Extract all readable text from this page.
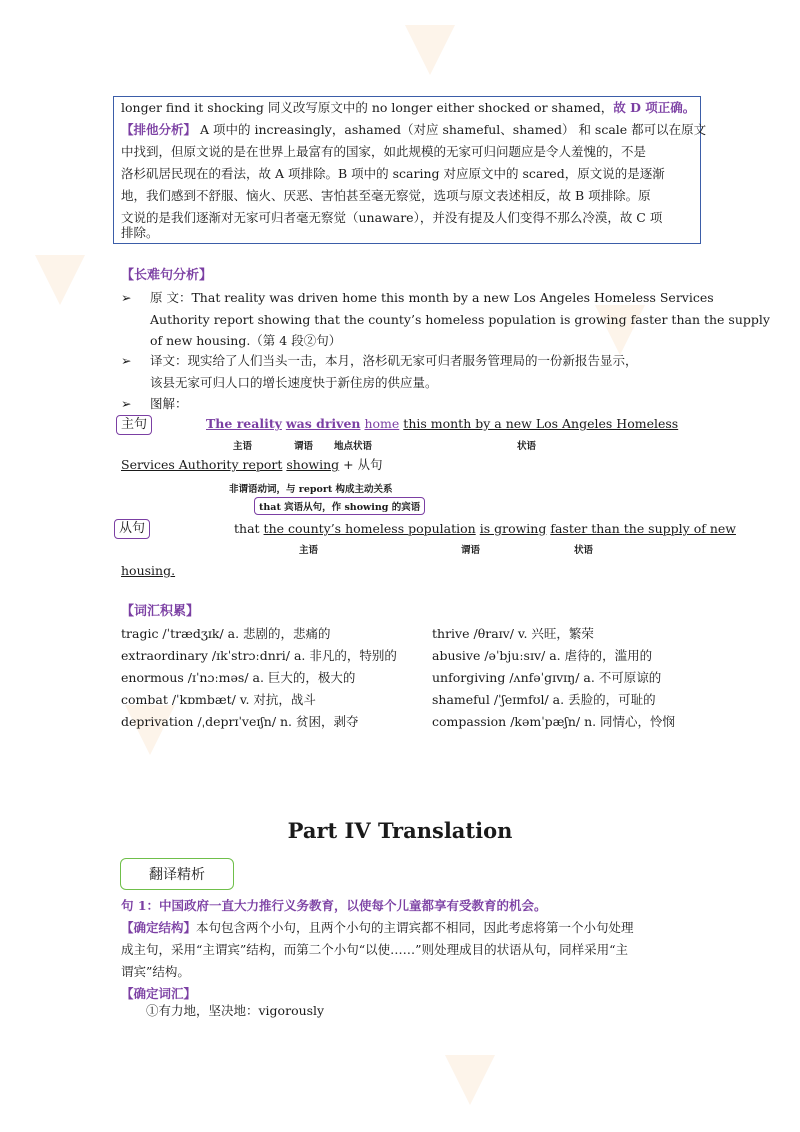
longer find it shocking 同义改写原文中的 no longer either shocked or shamed，故 D 项正确。
【排他分析】 A 项中的 increasingly，ashamed（对应 shameful、shamed） 和 scale 都可以在原文
中找到，但原文说的是在世界上最富有的国家，如此规模的无家可归问题应是令人羞愧的，不是
洛杉矶居民现在的看法，故 A 项排除。B 项中的 scaring 对应原文中的 scared，原文说的是逐渐
地，我们感到不舒服、恼火、厌恶、害怕甚至毫无察觉，选项与原文表述相反，故 B 项排除。原
文说的是我们逐渐对无家可归者毫无察觉（unaware），并没有提及人们变得不那么冷漠，故 C 项
排除。
【长难句分析】
➢ 原 文：That reality was driven home this month by a new Los Angeles Homeless Services
Authority report showing that the county’s homeless population is growing faster than the supply
of new housing.（第 4 段②句）
➢ 译文：现实给了人们当头一击，本月，洛杉矶无家可归者服务管理局的一份新报告显示，
该县无家可归人口的增长速度快于新住房的供应量。
➢ 图解：
主句	The reality was driven home this month by a new Los Angeles Homeless
主语	谓语 地点状语	状语
Services Authority report showing + 从句
非谓语动词，与 report 构成主动关系
that 宾语从句，作 showing 的宾语
从句	that the county’s homeless population is growing faster than the supply of new
主语	谓语	状语
housing.
【词汇积累】
tragic /ˈtrædʒɪk/ a. 悲剧的，悲痛的
extraordinary /ɪkˈstrɔːdnri/ a. 非凡的，特别的
enormous /ɪˈnɔːməs/ a. 巨大的，极大的
combat /ˈkɒmbæt/ v. 对抗，战斗
deprivation /ˌdeprɪˈveɪʃn/ n. 贫困，剥夺
thrive /θraɪv/ v. 兴旺，繁荣
abusive /əˈbjuːsɪv/ a. 虐待的，滥用的
unforgiving /ʌnfəˈgɪvɪŋ/ a. 不可原谅的
shameful /ˈʃeɪmfʊl/ a. 丢脸的，可耻的
compassion /kəmˈpæʃn/ n. 同情心，怜悯
Part IV Translation
翻译精析
句 1：中国政府一直大力推行义务教育，以使每个儿童都享有受教育的机会。
【确定结构】本句包含两个小句，且两个小句的主谓宾都不相同，因此考虑将第一个小句处理
成主句，采用“主谓宾”结构，而第二个小句“以使……”则处理成目的状语从句，同样采用“主
谓宾”结构。
【确定词汇】
①有力地，坚决地：vigorously
